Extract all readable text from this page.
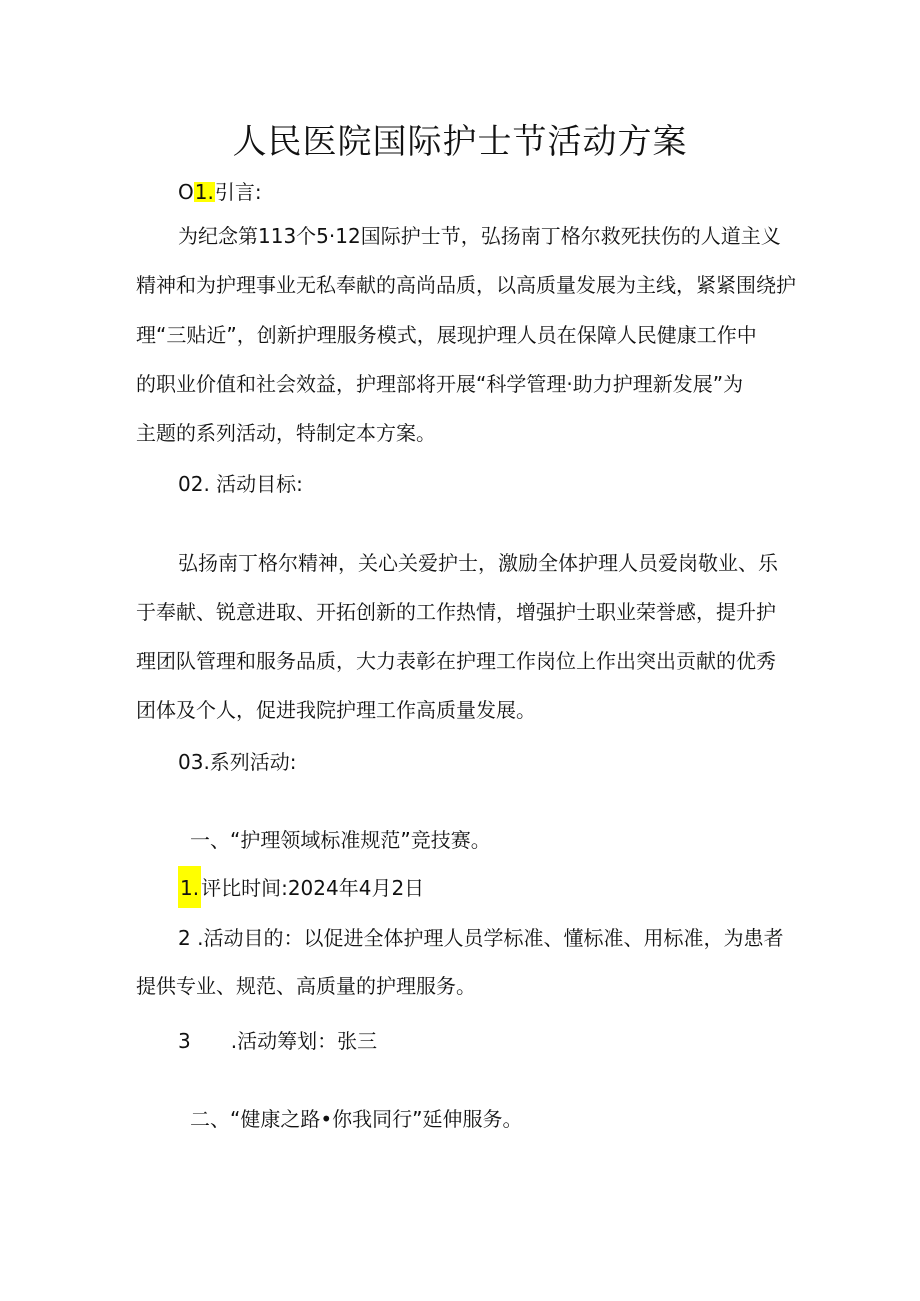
人民医院国际护士节活动方案
O1.引言:
为纪念第113个5·12国际护士节，弘扬南丁格尔救死扶伤的人道主义
精神和为护理事业无私奉献的高尚品质，以高质量发展为主线，紧紧围绕护
理“三贴近”，创新护理服务模式，展现护理人员在保障人民健康工作中
的职业价值和社会效益，护理部将开展“科学管理·助力护理新发展”为
主题的系列活动，特制定本方案。
02. 活动目标:
弘扬南丁格尔精神，关心关爱护士，激励全体护理人员爱岗敬业、乐
于奉献、锐意进取、开拓创新的工作热情，增强护士职业荣誉感，提升护
理团队管理和服务品质，大力表彰在护理工作岗位上作出突出贡献的优秀
团体及个人，促进我院护理工作高质量发展。
03.系列活动:
一、“护理领域标准规范”竞技赛。
1. 评比时间:2024年4月2日
2 .活动目的：以促进全体护理人员学标准、懂标准、用标准，为患者
提供专业、规范、高质量的护理服务。
3 .活动筹划：张三
二、“健康之路•你我同行”延伸服务。
